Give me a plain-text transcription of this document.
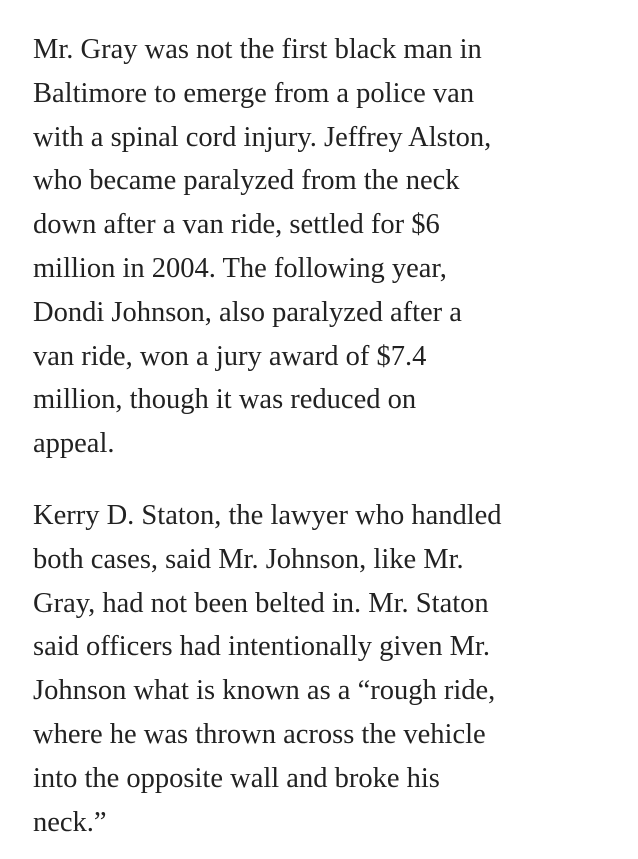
Mr. Gray was not the first black man in
Baltimore to emerge from a police van
with a spinal cord injury. Jeffrey Alston,
who became paralyzed from the neck
down after a van ride, settled for $6
million in 2004. The following year,
Dondi Johnson, also paralyzed after a
van ride, won a jury award of $7.4
million, though it was reduced on
appeal.

Kerry D. Staton, the lawyer who handled
both cases, said Mr. Johnson, like Mr.
Gray, had not been belted in. Mr. Staton
said officers had intentionally given Mr.
Johnson what is known as a “rough ride,
where he was thrown across the vehicle
into the opposite wall and broke his
neck.”
